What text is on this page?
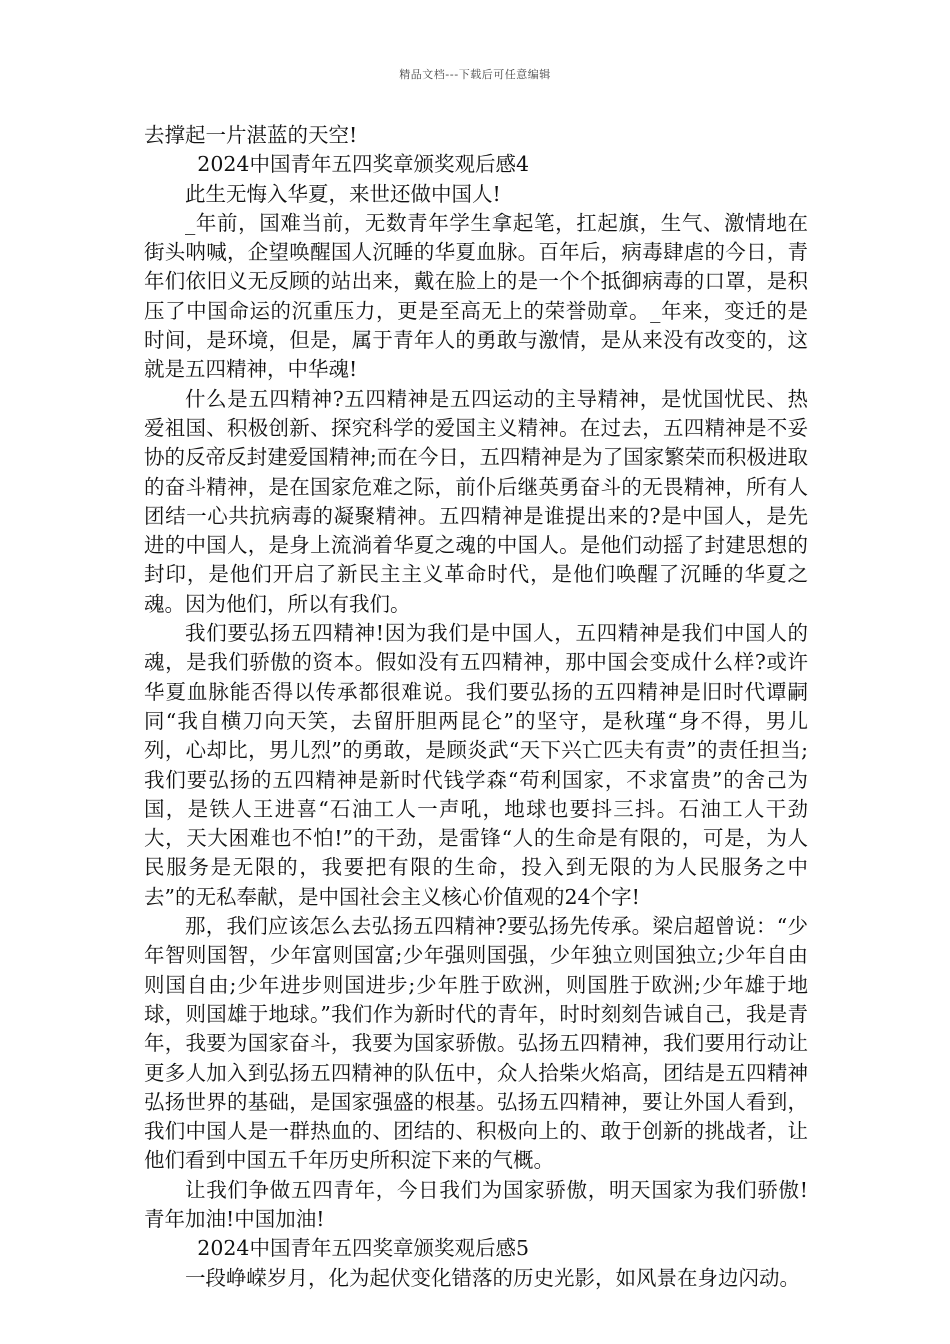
精品文档---下载后可任意编辑

去撑起一片湛蓝的天空!

2024中国青年五四奖章颁奖观后感4

此生无悔入华夏，来世还做中国人!

_年前，国难当前，无数青年学生拿起笔，扛起旗，生气、激情地在街头呐喊，企望唤醒国人沉睡的华夏血脉。百年后，病毒肆虐的今日，青年们依旧义无反顾的站出来，戴在脸上的是一个个抵御病毒的口罩，是积压了中国命运的沉重压力，更是至高无上的荣誉勋章。_年来，变迁的是时间，是环境，但是，属于青年人的勇敢与激情，是从来没有改变的，这就是五四精神，中华魂!

什么是五四精神?五四精神是五四运动的主导精神，是忧国忧民、热爱祖国、积极创新、探究科学的爱国主义精神。在过去，五四精神是不妥协的反帝反封建爱国精神;而在今日，五四精神是为了国家繁荣而积极进取的奋斗精神，是在国家危难之际，前仆后继英勇奋斗的无畏精神，所有人团结一心共抗病毒的凝聚精神。五四精神是谁提出来的?是中国人，是先进的中国人，是身上流淌着华夏之魂的中国人。是他们动摇了封建思想的封印，是他们开启了新民主主义革命时代，是他们唤醒了沉睡的华夏之魂。因为他们，所以有我们。

我们要弘扬五四精神!因为我们是中国人，五四精神是我们中国人的魂，是我们骄傲的资本。假如没有五四精神，那中国会变成什么样?或许华夏血脉能否得以传承都很难说。我们要弘扬的五四精神是旧时代谭嗣同“我自横刀向天笑，去留肝胆两昆仑”的坚守，是秋瑾“身不得，男儿列，心却比，男儿烈”的勇敢，是顾炎武“天下兴亡匹夫有责”的责任担当;我们要弘扬的五四精神是新时代钱学森“苟利国家，不求富贵”的舍己为国，是铁人王进喜“石油工人一声吼，地球也要抖三抖。石油工人干劲大，天大困难也不怕!”的干劲，是雷锋“人的生命是有限的，可是，为人民服务是无限的，我要把有限的生命，投入到无限的为人民服务之中去”的无私奉献，是中国社会主义核心价值观的24个字!

那，我们应该怎么去弘扬五四精神?要弘扬先传承。梁启超曾说：“少年智则国智，少年富则国富;少年强则国强，少年独立则国独立;少年自由则国自由;少年进步则国进步;少年胜于欧洲，则国胜于欧洲;少年雄于地球，则国雄于地球。”我们作为新时代的青年，时时刻刻告诫自己，我是青年，我要为国家奋斗，我要为国家骄傲。弘扬五四精神，我们要用行动让更多人加入到弘扬五四精神的队伍中，众人拾柴火焰高，团结是五四精神弘扬世界的基础，是国家强盛的根基。弘扬五四精神，要让外国人看到，我们中国人是一群热血的、团结的、积极向上的、敢于创新的挑战者，让他们看到中国五千年历史所积淀下来的气概。

让我们争做五四青年，今日我们为国家骄傲，明天国家为我们骄傲!青年加油!中国加油!

2024中国青年五四奖章颁奖观后感5

一段峥嵘岁月，化为起伏变化错落的历史光影，如风景在身边闪动。
